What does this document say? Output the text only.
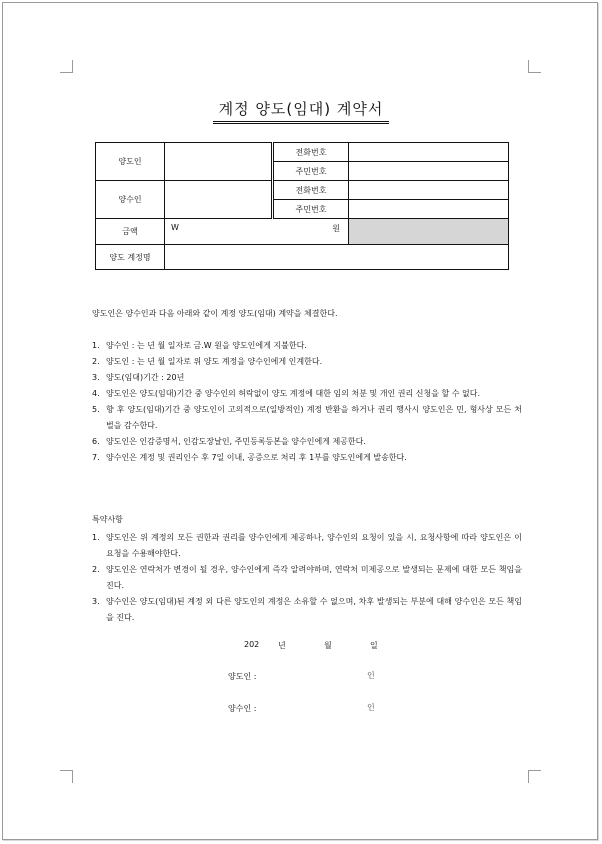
계정 양도(임대) 계약서
양도인		전화번호	
		주민번호	
양수인		전화번호	
		주민번호	
금액	W 원		

양도 계정명			
양도인은 양수인과 다음 아래와 같이 계정 양도(임대) 계약을 체결한다.
1. 양수인 : 는 년 월 일자로 금.W 원을 양도인에게 지불한다.
2. 양도인 : 는 년 월 일자로 위 양도 계정을 양수인에게 인계한다.
3. 양도(임대)기간 : 20년
4. 양도인은 양도(임대)기간 중 양수인의 허락없이 양도 계정에 대한 임의 처분 및 개인 권리 신청을 할 수 없다.
5. 향 후 양도(임대)기간 중 양도인이 고의적으로(일방적인) 계정 반환을 하거나 권리 행사시 양도인은 민, 형사상 모든 처벌을 감수한다.
6. 양도인은 인감증명서, 인감도장날인, 주민등록등본을 양수인에게 제공한다.
7. 양수인은 계정 및 권리인수 후 7일 이내, 공증으로 처리 후 1부를 양도인에게 발송한다.
특약사항
1. 양도인은 위 계정의 모든 권한과 권리를 양수인에게 제공하나, 양수인의 요청이 있을 시, 요청사항에 따라 양도인은 이 요청을 수용해야한다.
2. 양도인은 연락처가 변경이 될 경우, 양수인에게 즉각 알려야하며, 연락처 미제공으로 발생되는 문제에 대한 모든 책임을 진다.
3. 양수인은 양도(임대)된 계정 외 다른 양도인의 계정은 소유할 수 없으며, 차후 발생되는 부분에 대해 양수인은 모든 책임을 진다.
202	년	월	일
양도인 :	인
양수인 :	인
